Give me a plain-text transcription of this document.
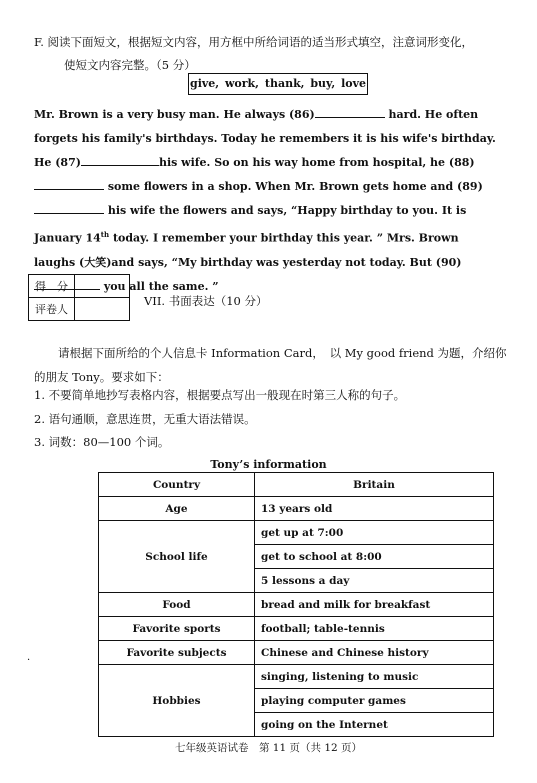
F. 阅读下面短文，根据短文内容，用方框中所给词语的适当形式填空，注意词形变化，
使短文内容完整。（5 分）
give, work, thank, buy, love
Mr. Brown is a very busy man. He always (86)	hard. He often forgets his family's birthdays. Today he remembers it is his wife's birthday. He (87)	his wife. So on his way home from hospital, he (88) some flowers in a shop. When Mr. Brown gets home and (89) his wife the flowers and says, “Happy birthday to you. It is January 14th today. I remember your birthday this year. ” Mrs. Brown laughs (大笑)and says, “My birthday was yesterday not today. But (90) you all the same. ”
得　分	
评卷人	
VII. 书面表达（10 分）
请根据下面所给的个人信息卡 Information Card，　以 My good friend 为题，介绍你
的朋友 Tony。要求如下：
1. 不要简单地抄写表格内容，根据要点写出一般现在时第三人称的句子。
2. 语句通顺，意思连贯，无重大语法错误。
3. 词数：80—100 个词。
Tony’s information
Country	Britain
Age	13 years old
School life	get up at 7:00
	get to school at 8:00
	5 lessons a day
Food	bread and milk for breakfast
Favorite sports	football; table-tennis
Favorite subjects	Chinese and Chinese history
Hobbies	singing, listening to music
	playing computer games
	going on the Internet
·
七年级英语试卷　第 11 页（共 12 页）
